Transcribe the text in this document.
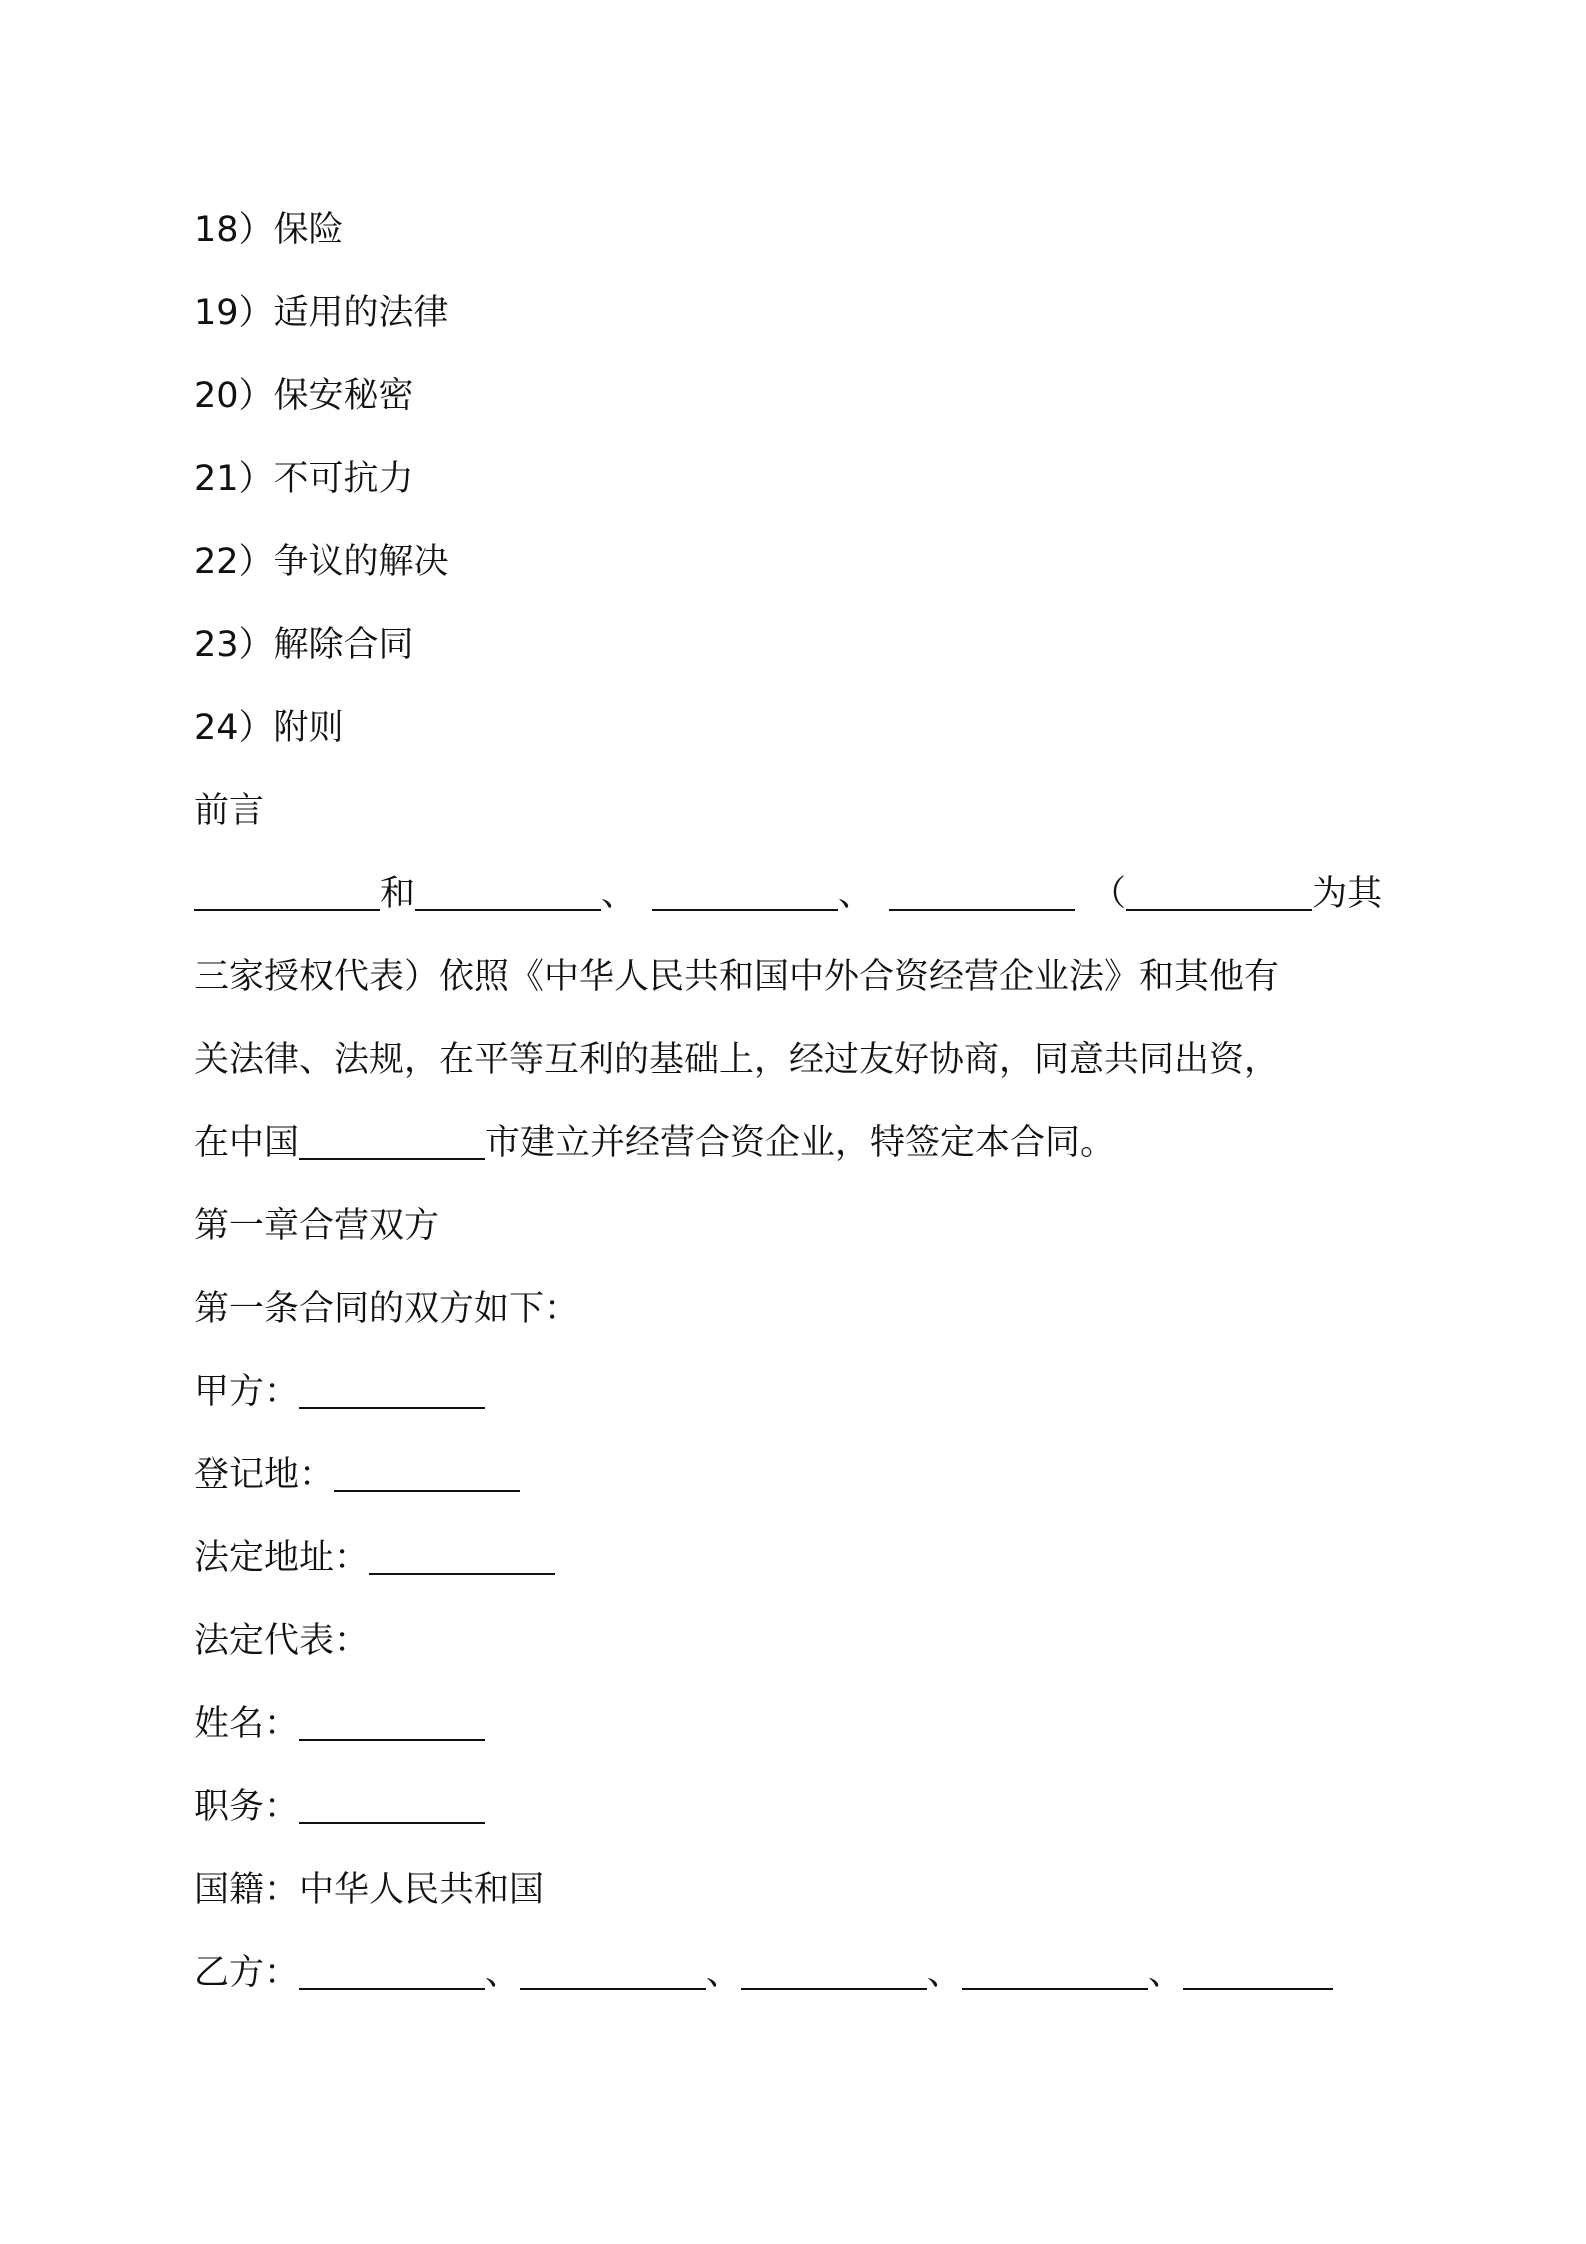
18）保险
19）适用的法律
20）保安秘密
21）不可抗力
22）争议的解决
23）解除合同
24）附则
前言
和	、	、	（	为其
三家授权代表）依照《中华人民共和国中外合资经营企业法》和其他有
关法律、法规，在平等互利的基础上，经过友好协商，同意共同出资，
在中国	市建立并经营合资企业，特签定本合同。
第一章合营双方
第一条合同的双方如下：
甲方：
登记地：
法定地址：
法定代表：
姓名：
职务：
国籍：中华人民共和国
乙方：	、	、	、	、
